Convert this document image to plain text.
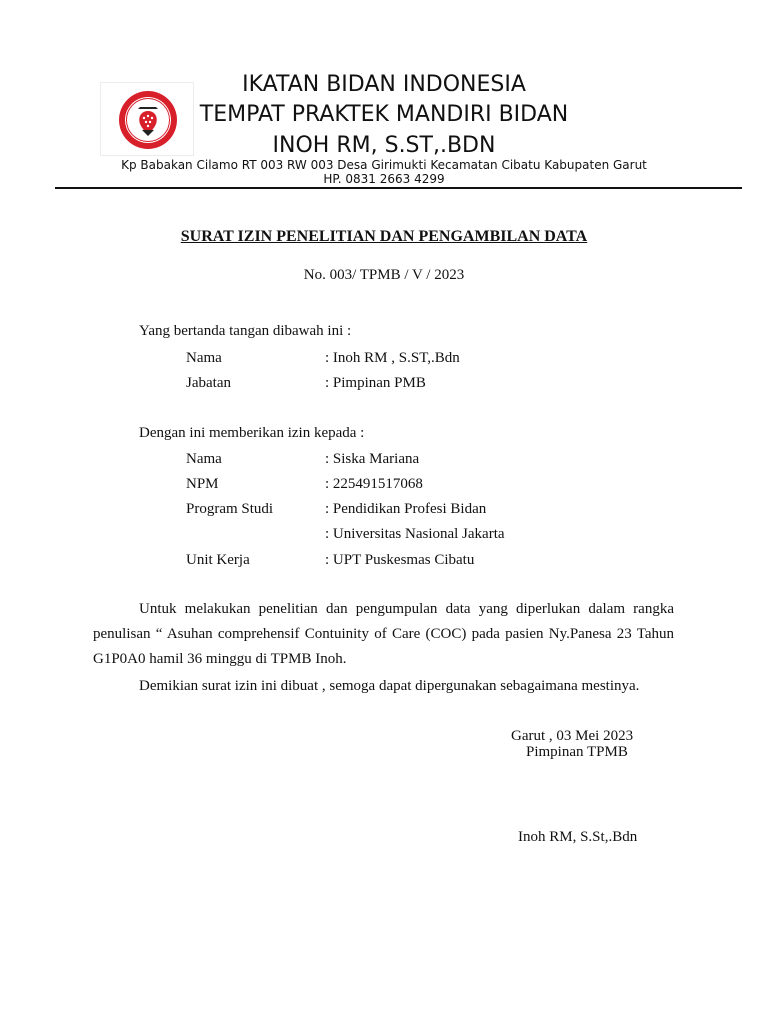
IKATAN BIDAN INDONESIA
TEMPAT PRAKTEK MANDIRI BIDAN
INOH RM, S.ST,.BDN
Kp Babakan Cilamo RT 003 RW 003 Desa Girimukti Kecamatan Cibatu Kabupaten Garut
HP. 0831 2663 4299
SURAT IZIN PENELITIAN DAN PENGAMBILAN DATA
No. 003/ TPMB / V / 2023
Yang bertanda tangan dibawah ini :
Nama	: Inoh RM , S.ST,.Bdn
Jabatan	: Pimpinan PMB
Dengan ini memberikan izin kepada :
Nama	: Siska Mariana
NPM	: 225491517068
Program Studi	: Pendidikan Profesi Bidan
: Universitas Nasional Jakarta
Unit Kerja	: UPT Puskesmas Cibatu
Untuk melakukan penelitian dan pengumpulan data yang diperlukan dalam rangka penulisan “ Asuhan comprehensif Contuinity of Care (COC) pada pasien Ny.Panesa 23 Tahun G1P0A0 hamil 36 minggu di TPMB Inoh.
Demikian surat izin ini dibuat , semoga dapat dipergunakan sebagaimana mestinya.
Garut , 03 Mei 2023
Pimpinan TPMB
Inoh RM, S.St,.Bdn
